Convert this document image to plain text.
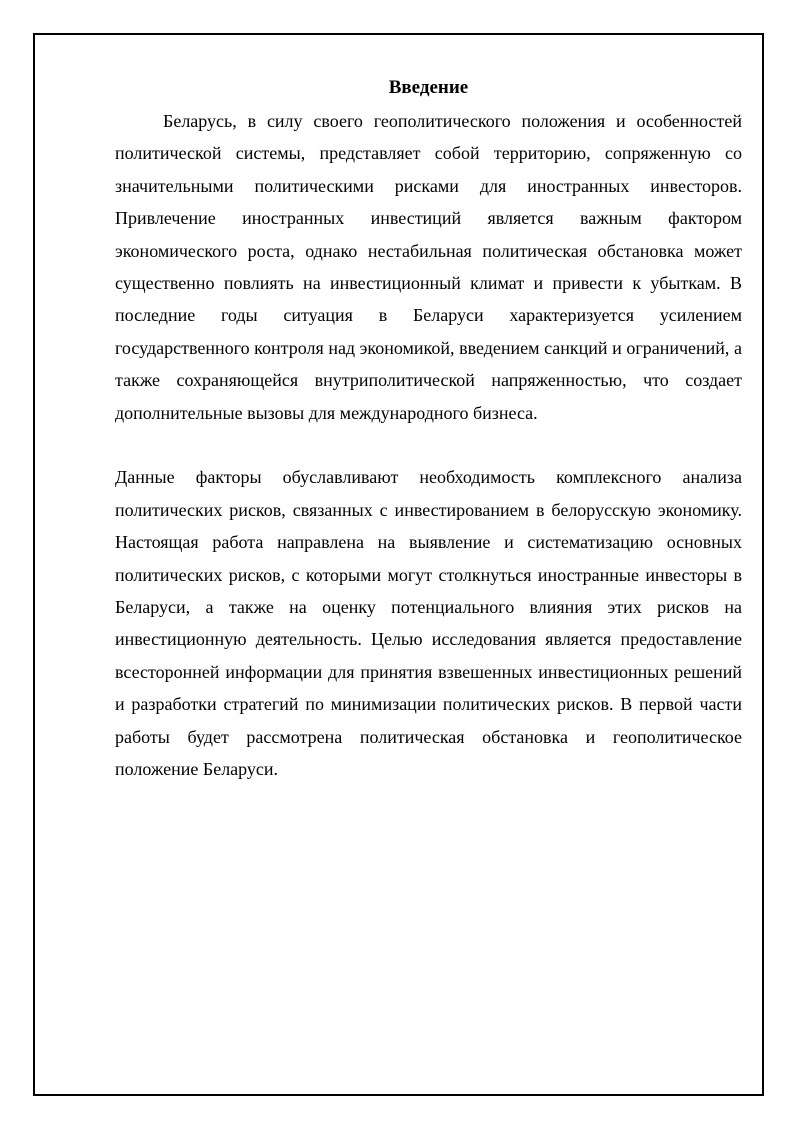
Введение

Беларусь, в силу своего геополитического положения и особенностей политической системы, представляет собой территорию, сопряженную со значительными политическими рисками для иностранных инвесторов. Привлечение иностранных инвестиций является важным фактором экономического роста, однако нестабильная политическая обстановка может существенно повлиять на инвестиционный климат и привести к убыткам. В последние годы ситуация в Беларуси характеризуется усилением государственного контроля над экономикой, введением санкций и ограничений, а также сохраняющейся внутриполитической напряженностью, что создает дополнительные вызовы для международного бизнеса.

Данные факторы обуславливают необходимость комплексного анализа политических рисков, связанных с инвестированием в белорусскую экономику. Настоящая работа направлена на выявление и систематизацию основных политических рисков, с которыми могут столкнуться иностранные инвесторы в Беларуси, а также на оценку потенциального влияния этих рисков на инвестиционную деятельность. Целью исследования является предоставление всесторонней информации для принятия взвешенных инвестиционных решений и разработки стратегий по минимизации политических рисков. В первой части работы будет рассмотрена политическая обстановка и геополитическое положение Беларуси.
